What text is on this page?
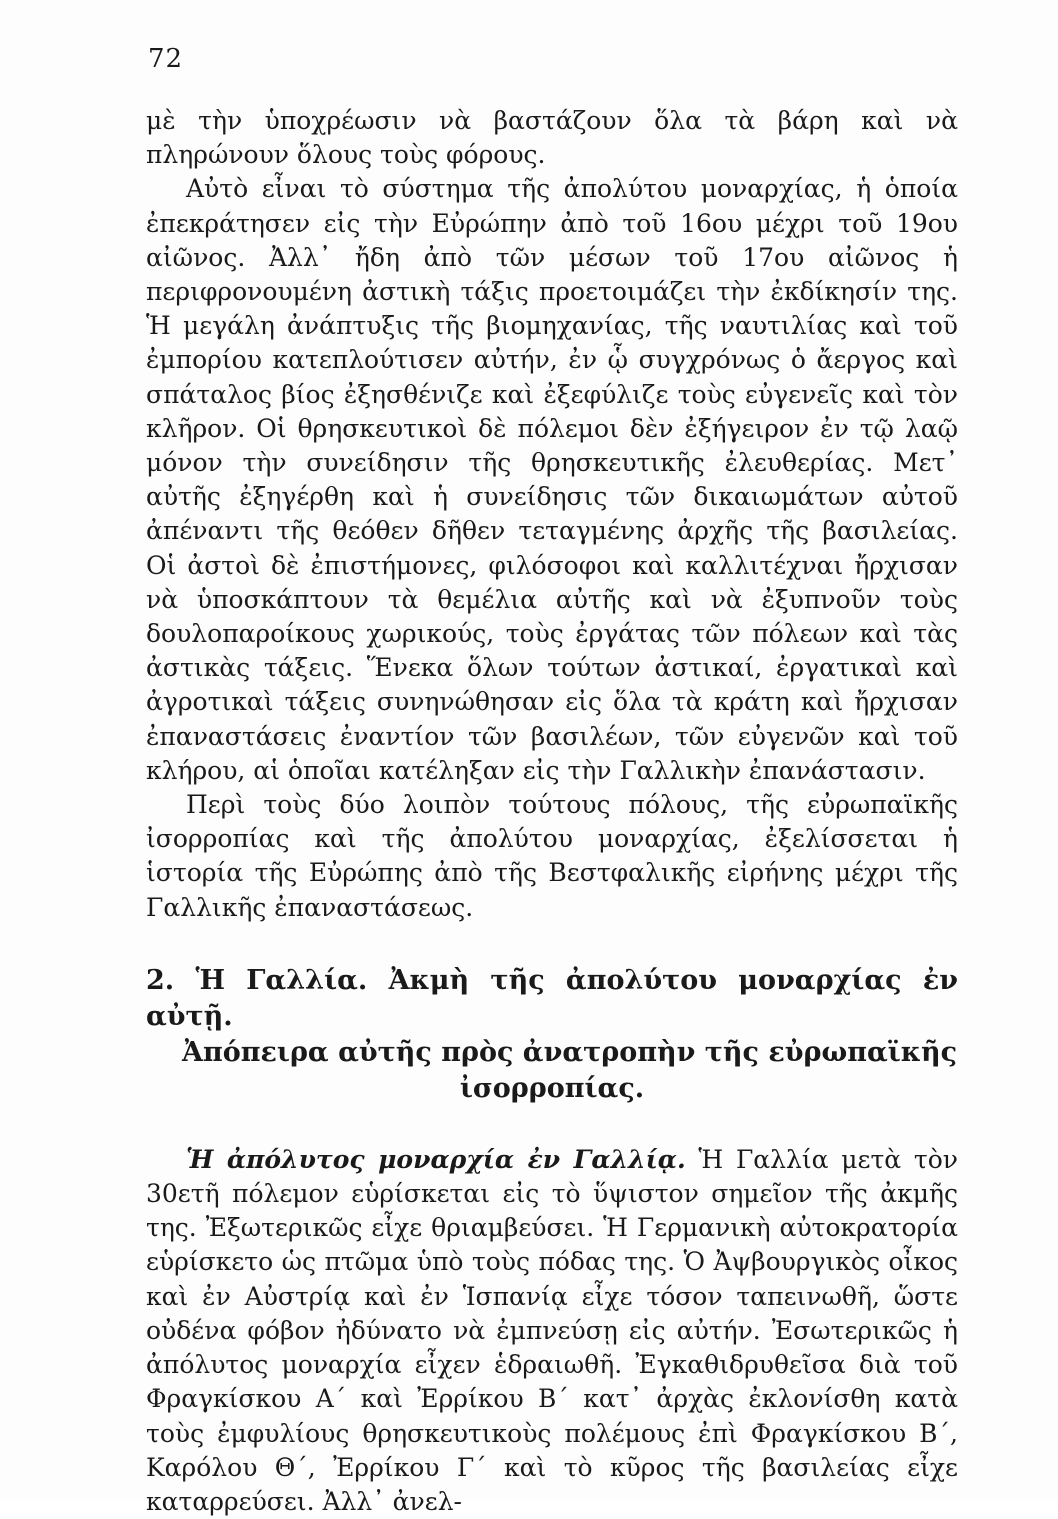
72

μὲ τὴν ὑποχρέωσιν νὰ βαστάζουν ὅλα τὰ βάρη καὶ νὰ πληρώνουν ὅλους τοὺς φόρους.

Αὐτὸ εἶναι τὸ σύστημα τῆς ἀπολύτου μοναρχίας, ἡ ὁποία ἐπεκράτησεν εἰς τὴν Εὐρώπην ἀπὸ τοῦ 16ου μέχρι τοῦ 19ου αἰῶνος. Ἀλλ᾽ ἤδη ἀπὸ τῶν μέσων τοῦ 17ου αἰῶνος ἡ περιφρονουμένη ἀστικὴ τάξις προετοιμάζει τὴν ἐκδίκησίν της. Ἡ μεγάλη ἀνάπτυξις τῆς βιομηχανίας, τῆς ναυτιλίας καὶ τοῦ ἐμπορίου κατεπλούτισεν αὐτήν, ἐν ᾧ συγχρόνως ὁ ἄεργος καὶ σπάταλος βίος ἐξησθένιζε καὶ ἐξεφύλιζε τοὺς εὐγενεῖς καὶ τὸν κλῆρον. Οἱ θρησκευτικοὶ δὲ πόλεμοι δὲν ἐξήγειρον ἐν τῷ λαῷ μόνον τὴν συνείδησιν τῆς θρησκευτικῆς ἐλευθερίας. Μετ᾽ αὐτῆς ἐξηγέρθη καὶ ἡ συνείδησις τῶν δικαιωμάτων αὐτοῦ ἀπέναντι τῆς θεόθεν δῆθεν τεταγμένης ἀρχῆς τῆς βασιλείας. Οἱ ἀστοὶ δὲ ἐπιστήμονες, φιλόσοφοι καὶ καλλιτέχναι ἤρχισαν νὰ ὑποσκάπτουν τὰ θεμέλια αὐτῆς καὶ νὰ ἐξυπνοῦν τοὺς δουλοπαροίκους χωρικούς, τοὺς ἐργάτας τῶν πόλεων καὶ τὰς ἀστικὰς τάξεις. Ἕνεκα ὅλων τούτων ἀστικαί, ἐργατικαὶ καὶ ἀγροτικαὶ τάξεις συνηνώθησαν εἰς ὅλα τὰ κράτη καὶ ἤρχισαν ἐπαναστάσεις ἐναντίον τῶν βασιλέων, τῶν εὐγενῶν καὶ τοῦ κλήρου, αἱ ὁποῖαι κατέληξαν εἰς τὴν Γαλλικὴν ἐπανάστασιν.

Περὶ τοὺς δύο λοιπὸν τούτους πόλους, τῆς εὐρωπαϊκῆς ἰσορροπίας καὶ τῆς ἀπολύτου μοναρχίας, ἐξελίσσεται ἡ ἱστορία τῆς Εὐρώπης ἀπὸ τῆς Βεστφαλικῆς εἰρήνης μέχρι τῆς Γαλλικῆς ἐπαναστάσεως.

2. Ἡ Γαλλία. Ἀκμὴ τῆς ἀπολύτου μοναρχίας ἐν αὐτῇ.
Ἀπόπειρα αὐτῆς πρὸς ἀνατροπὴν τῆς εὐρωπαϊκῆς
ἰσορροπίας.

Ἡ ἀπόλυτος μοναρχία ἐν Γαλλίᾳ. Ἡ Γαλλία μετὰ τὸν 30ετῆ πόλεμον εὑρίσκεται εἰς τὸ ὕψιστον σημεῖον τῆς ἀκμῆς της. Ἐξωτερικῶς εἶχε θριαμβεύσει. Ἡ Γερμανικὴ αὐτοκρατορία εὑρίσκετο ὡς πτῶμα ὑπὸ τοὺς πόδας της. Ὁ Ἀψβουργικὸς οἶκος καὶ ἐν Αὐστρίᾳ καὶ ἐν Ἱσπανίᾳ εἶχε τόσον ταπεινωθῆ, ὥστε οὐδένα φόβον ἠδύνατο νὰ ἐμπνεύσῃ εἰς αὐτήν. Ἐσωτερικῶς ἡ ἀπόλυτος μοναρχία εἶχεν ἑδραιωθῆ. Ἐγκαθιδρυθεῖσα διὰ τοῦ Φραγκίσκου Α΄ καὶ Ἐρρίκου Β΄ κατ᾽ ἀρχὰς ἐκλονίσθη κατὰ τοὺς ἐμφυλίους θρησκευτικοὺς πολέμους ἐπὶ Φραγκίσκου Β΄, Καρόλου Θ΄, Ἐρρίκου Γ΄ καὶ τὸ κῦρος τῆς βασιλείας εἶχε καταρρεύσει. Ἀλλ᾽ ἀνελ-
